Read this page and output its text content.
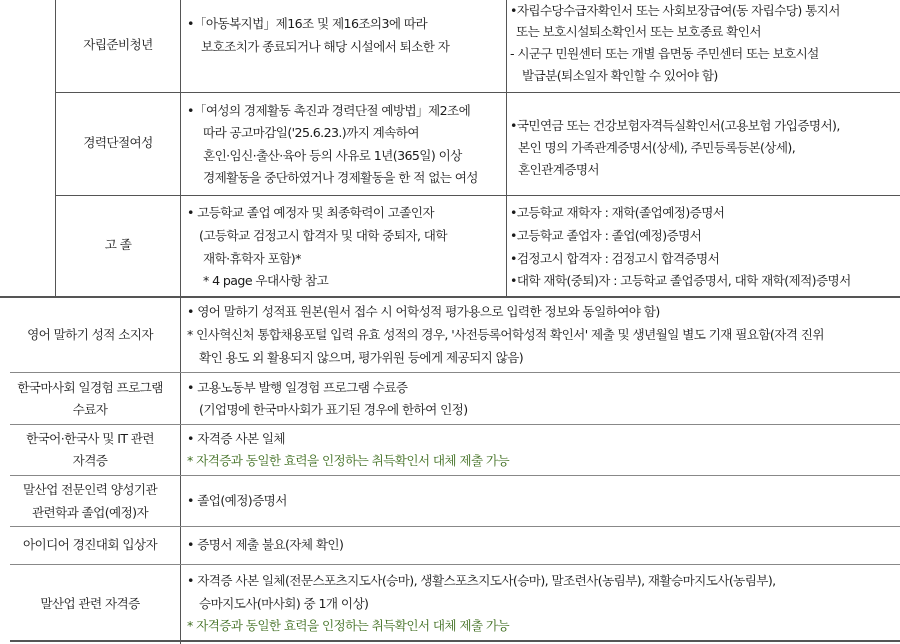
자립준비청년
•「아동복지법」제16조 및 제16조의3에 따라
보호조치가 종료되거나 해당 시설에서 퇴소한 자
•자립수당수급자확인서 또는 사회보장급여(동 자립수당) 통지서
또는 보호시설퇴소확인서 또는 보호종료 확인서
- 시군구 민원센터 또는 개별 읍면동 주민센터 또는 보호시설
발급분(퇴소일자 확인할 수 있어야 함)
경력단절여성
•「여성의 경제활동 촉진과 경력단절 예방법」제2조에
따라 공고마감일('25.6.23.)까지 계속하여
혼인·임신·출산·육아 등의 사유로 1년(365일) 이상
경제활동을 중단하였거나 경제활동을 한 적 없는 여성
•국민연금 또는 건강보험자격득실확인서(고용보험 가입증명서),
본인 명의 가족관계증명서(상세), 주민등록등본(상세),
혼인관계증명서
고 졸
• 고등학교 졸업 예정자 및 최종학력이 고졸인자
(고등학교 검정고시 합격자 및 대학 중퇴자, 대학
재학·휴학자 포함)*
* 4 page 우대사항 참고
•고등학교 재학자 : 재학(졸업예정)증명서
•고등학교 졸업자 : 졸업(예정)증명서
•검정고시 합격자 : 검정고시 합격증명서
•대학 재학(중퇴)자 : 고등학교 졸업증명서, 대학 재학(제적)증명서
영어 말하기 성적 소지자
• 영어 말하기 성적표 원본(원서 접수 시 어학성적 평가용으로 입력한 정보와 동일하여야 함)
* 인사혁신처 통합채용포털 입력 유효 성적의 경우, '사전등록어학성적 확인서' 제출 및 생년월일 별도 기재 필요함(자격 진위
확인 용도 외 활용되지 않으며, 평가위원 등에게 제공되지 않음)
한국마사회 일경험 프로그램
수료자
• 고용노동부 발행 일경험 프로그램 수료증
(기업명에 한국마사회가 표기된 경우에 한하여 인정)
한국어·한국사 및 IT 관련
자격증
• 자격증 사본 일체
* 자격증과 동일한 효력을 인정하는 취득확인서 대체 제출 가능
말산업 전문인력 양성기관
관련학과 졸업(예정)자
• 졸업(예정)증명서
아이디어 경진대회 입상자	• 증명서 제출 불요(자체 확인)
말산업 관련 자격증
• 자격증 사본 일체(전문스포츠지도사(승마), 생활스포츠지도사(승마), 말조련사(농림부), 재활승마지도사(농림부),
승마지도사(마사회) 중 1개 이상)
* 자격증과 동일한 효력을 인정하는 취득확인서 대체 제출 가능
